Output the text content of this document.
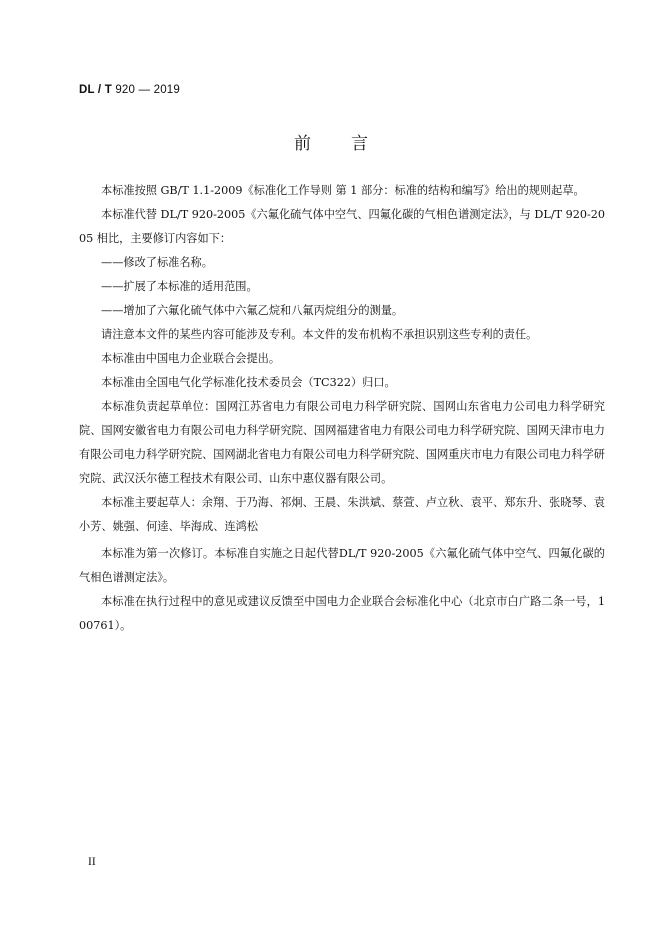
DL / T 920 — 2019
前 言

本标准按照 GB/T 1.1-2009《标准化工作导则 第 1 部分：标准的结构和编写》给出的规则起草。

本标准代替 DL/T 920-2005《六氟化硫气体中空气、四氟化碳的气相色谱测定法》，与 DL/T 920-2005 相比，主要修订内容如下：

——修改了标准名称。

——扩展了本标准的适用范围。

——增加了六氟化硫气体中六氟乙烷和八氟丙烷组分的测量。

请注意本文件的某些内容可能涉及专利。本文件的发布机构不承担识别这些专利的责任。

本标准由中国电力企业联合会提出。

本标准由全国电气化学标准化技术委员会（TC322）归口。

本标准负责起草单位：国网江苏省电力有限公司电力科学研究院、国网山东省电力公司电力科学研究院、国网安徽省电力有限公司电力科学研究院、国网福建省电力有限公司电力科学研究院、国网天津市电力有限公司电力科学研究院、国网湖北省电力有限公司电力科学研究院、国网重庆市电力有限公司电力科学研究院、武汉沃尔德工程技术有限公司、山东中惠仪器有限公司。

本标准主要起草人：余翔、于乃海、祁炯、王晨、朱洪斌、蔡萱、卢立秋、袁平、郑东升、张晓琴、袁小芳、姚强、何逵、毕海成、连鸿松

本标准为第一次修订。本标准自实施之日起代替DL/T 920-2005《六氟化硫气体中空气、四氟化碳的气相色谱测定法》。

本标准在执行过程中的意见或建议反馈至中国电力企业联合会标准化中心（北京市白广路二条一号，100761）。

II
